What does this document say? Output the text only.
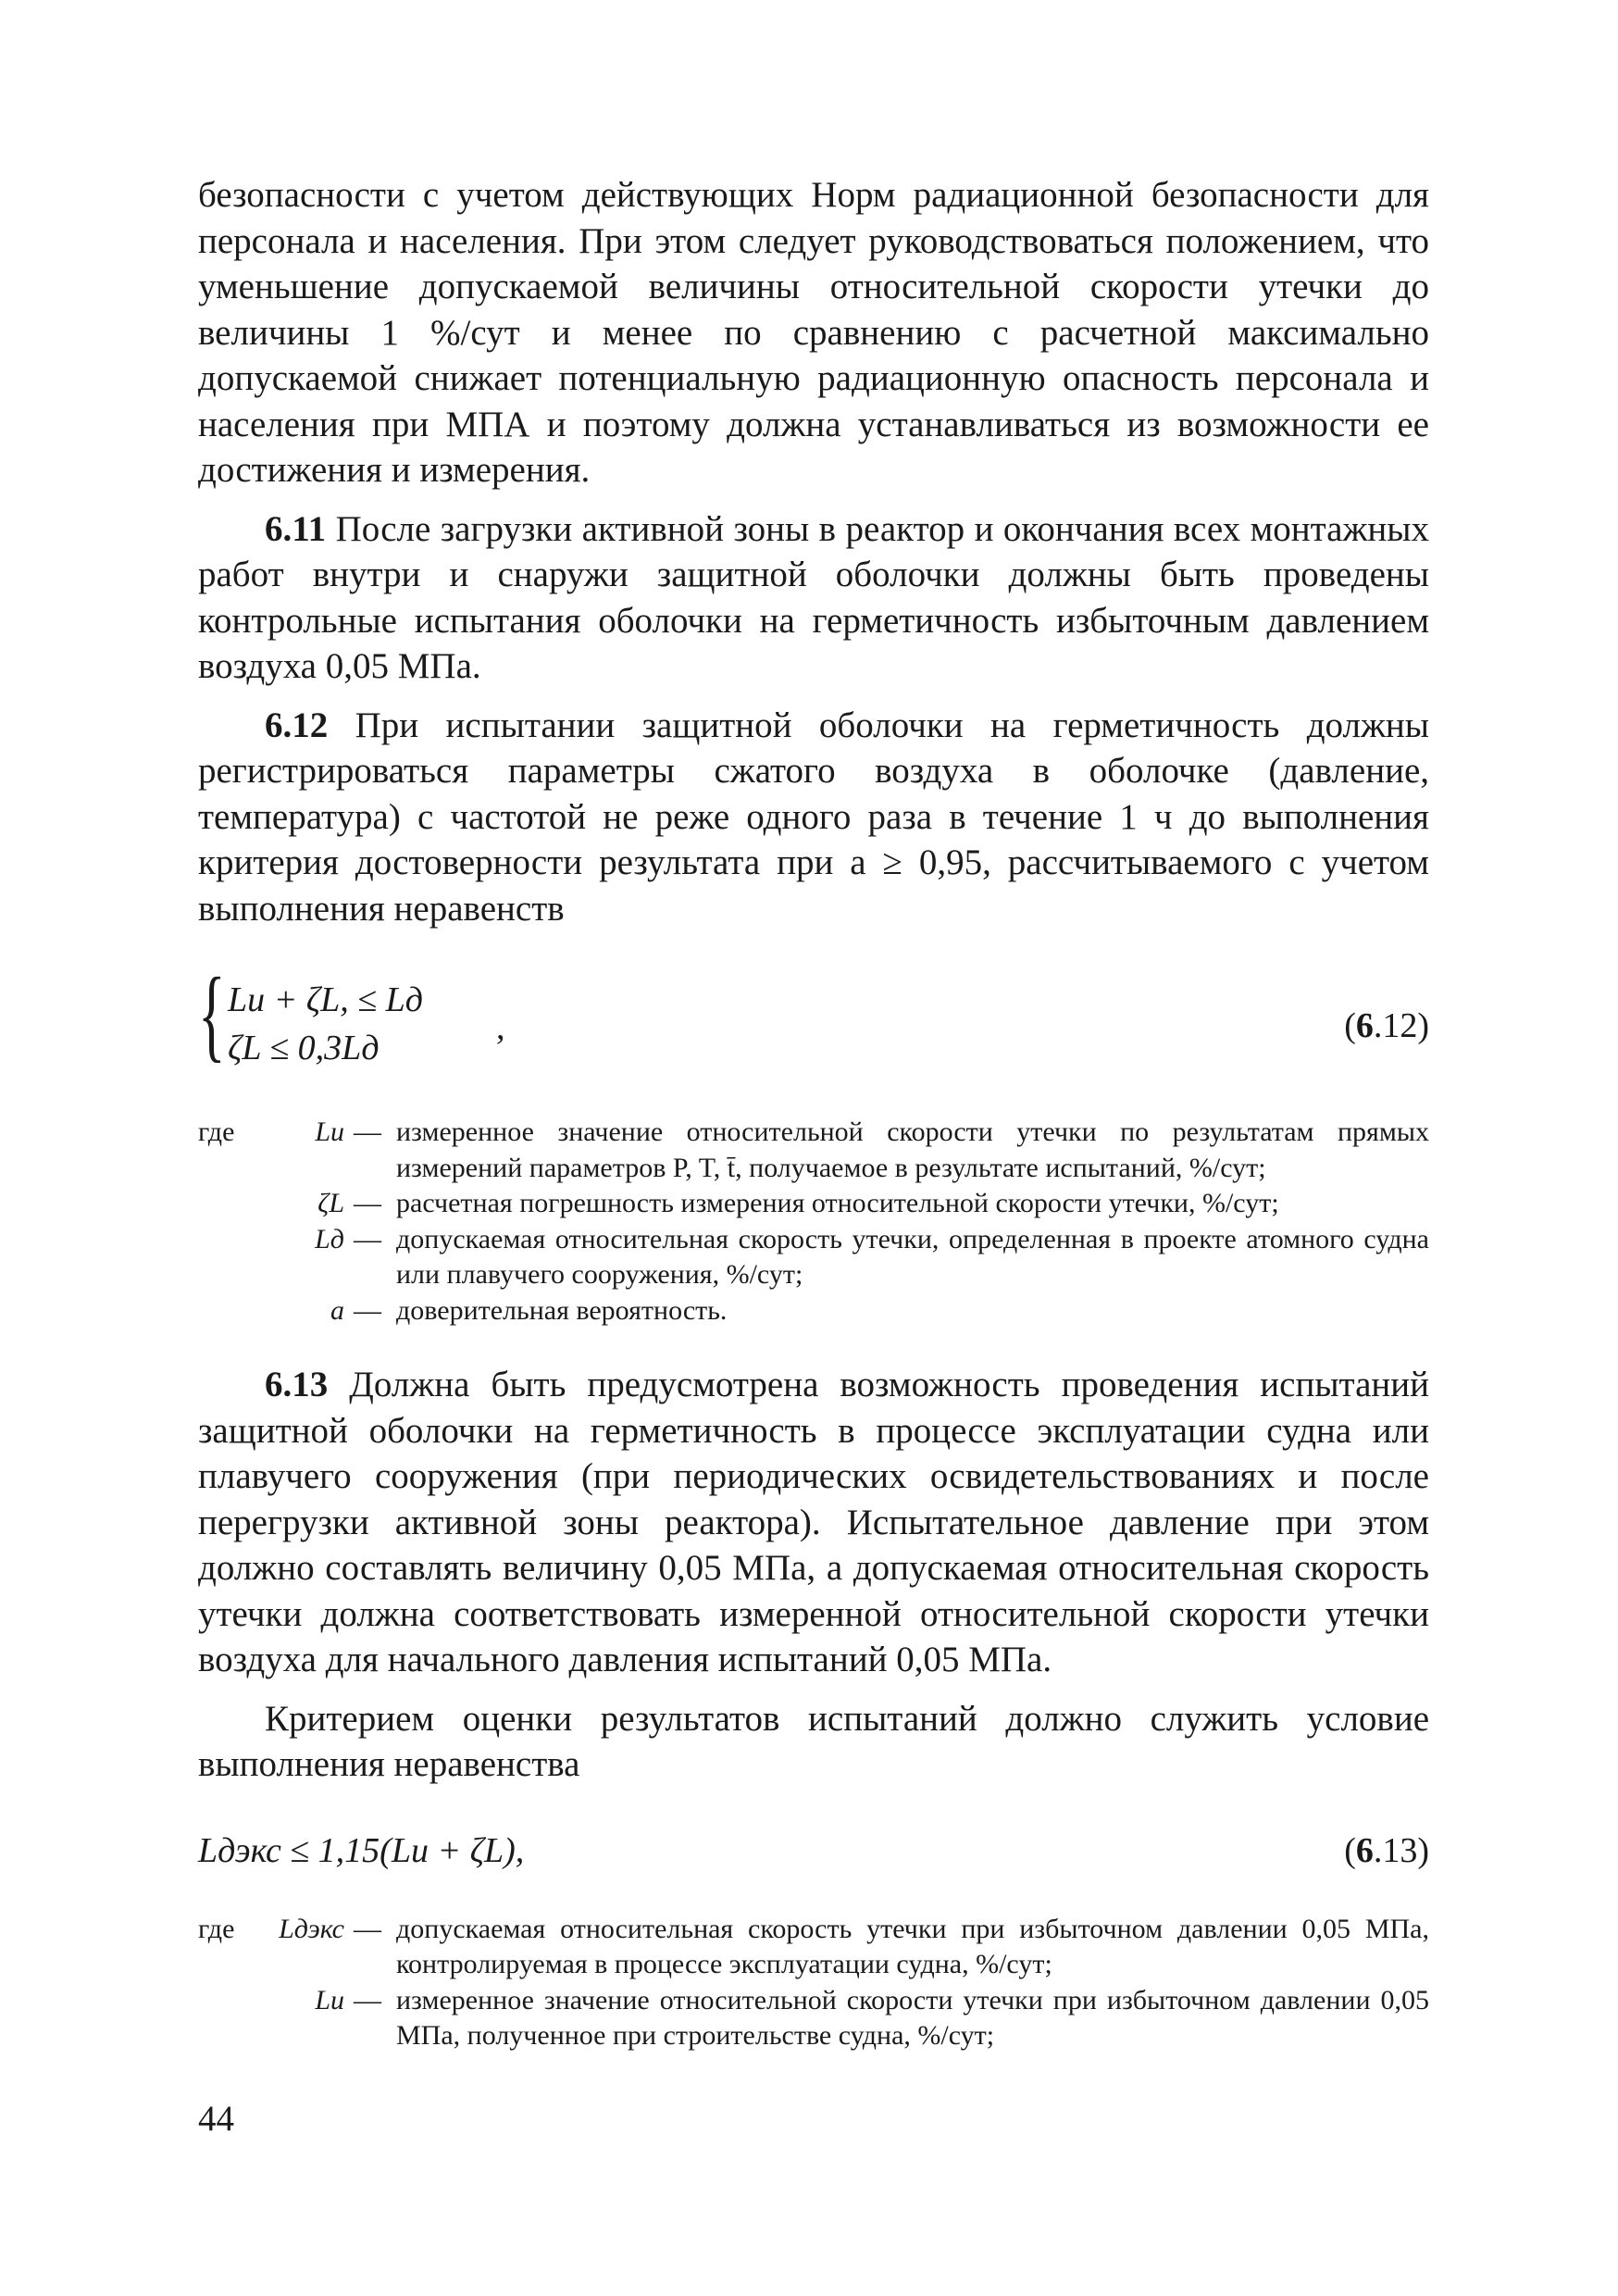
безопасности с учетом действующих Норм радиационной безопасности для персонала и населения. При этом следует руководствоваться положением, что уменьшение допускаемой величины относительной скорости утечки до величины 1 %/сут и менее по сравнению с расчетной максимально допускаемой снижает потенциальную радиационную опасность персонала и населения при МПА и поэтому должна устанавливаться из возможности ее достижения и измерения.

6.11 После загрузки активной зоны в реактор и окончания всех монтажных работ внутри и снаружи защитной оболочки должны быть проведены контрольные испытания оболочки на герметичность избыточным давлением воздуха 0,05 МПа.

6.12 При испытании защитной оболочки на герметичность должны регистрироваться параметры сжатого воздуха в оболочке (давление, температура) с частотой не реже одного раза в течение 1 ч до выполнения критерия достоверности результата при a ≥ 0,95, рассчитываемого с учетом выполнения неравенств

{ Lи + ζL, ≤ Lд
ζL ≤ 0,3Lд
,	(6.12)
где	Lи — измеренное значение относительной скорости утечки по результатам прямых измерений параметров P, T, t̄, получаемое в результате испытаний, %/сут;
ζL — расчетная погрешность измерения относительной скорости утечки, %/сут;
Lд — допускаемая относительная скорость утечки, определенная в проекте атомного судна или плавучего сооружения, %/сут;
a — доверительная вероятность.

6.13 Должна быть предусмотрена возможность проведения испытаний защитной оболочки на герметичность в процессе эксплуатации судна или плавучего сооружения (при периодических освидетельствованиях и после перегрузки активной зоны реактора). Испытательное давление при этом должно составлять величину 0,05 МПа, а допускаемая относительная скорость утечки должна соответствовать измеренной относительной скорости утечки воздуха для начального давления испытаний 0,05 МПа.

Критерием оценки результатов испытаний должно служить условие выполнения неравенства

Lдэкс ≤ 1,15(Lи + ζL),	(6.13)
где	Lдэкс — допускаемая относительная скорость утечки при избыточном давлении 0,05 МПа, контролируемая в процессе эксплуатации судна, %/сут;
Lи — измеренное значение относительной скорости утечки при избыточном давлении 0,05 МПа, полученное при строительстве судна, %/сут;
44
